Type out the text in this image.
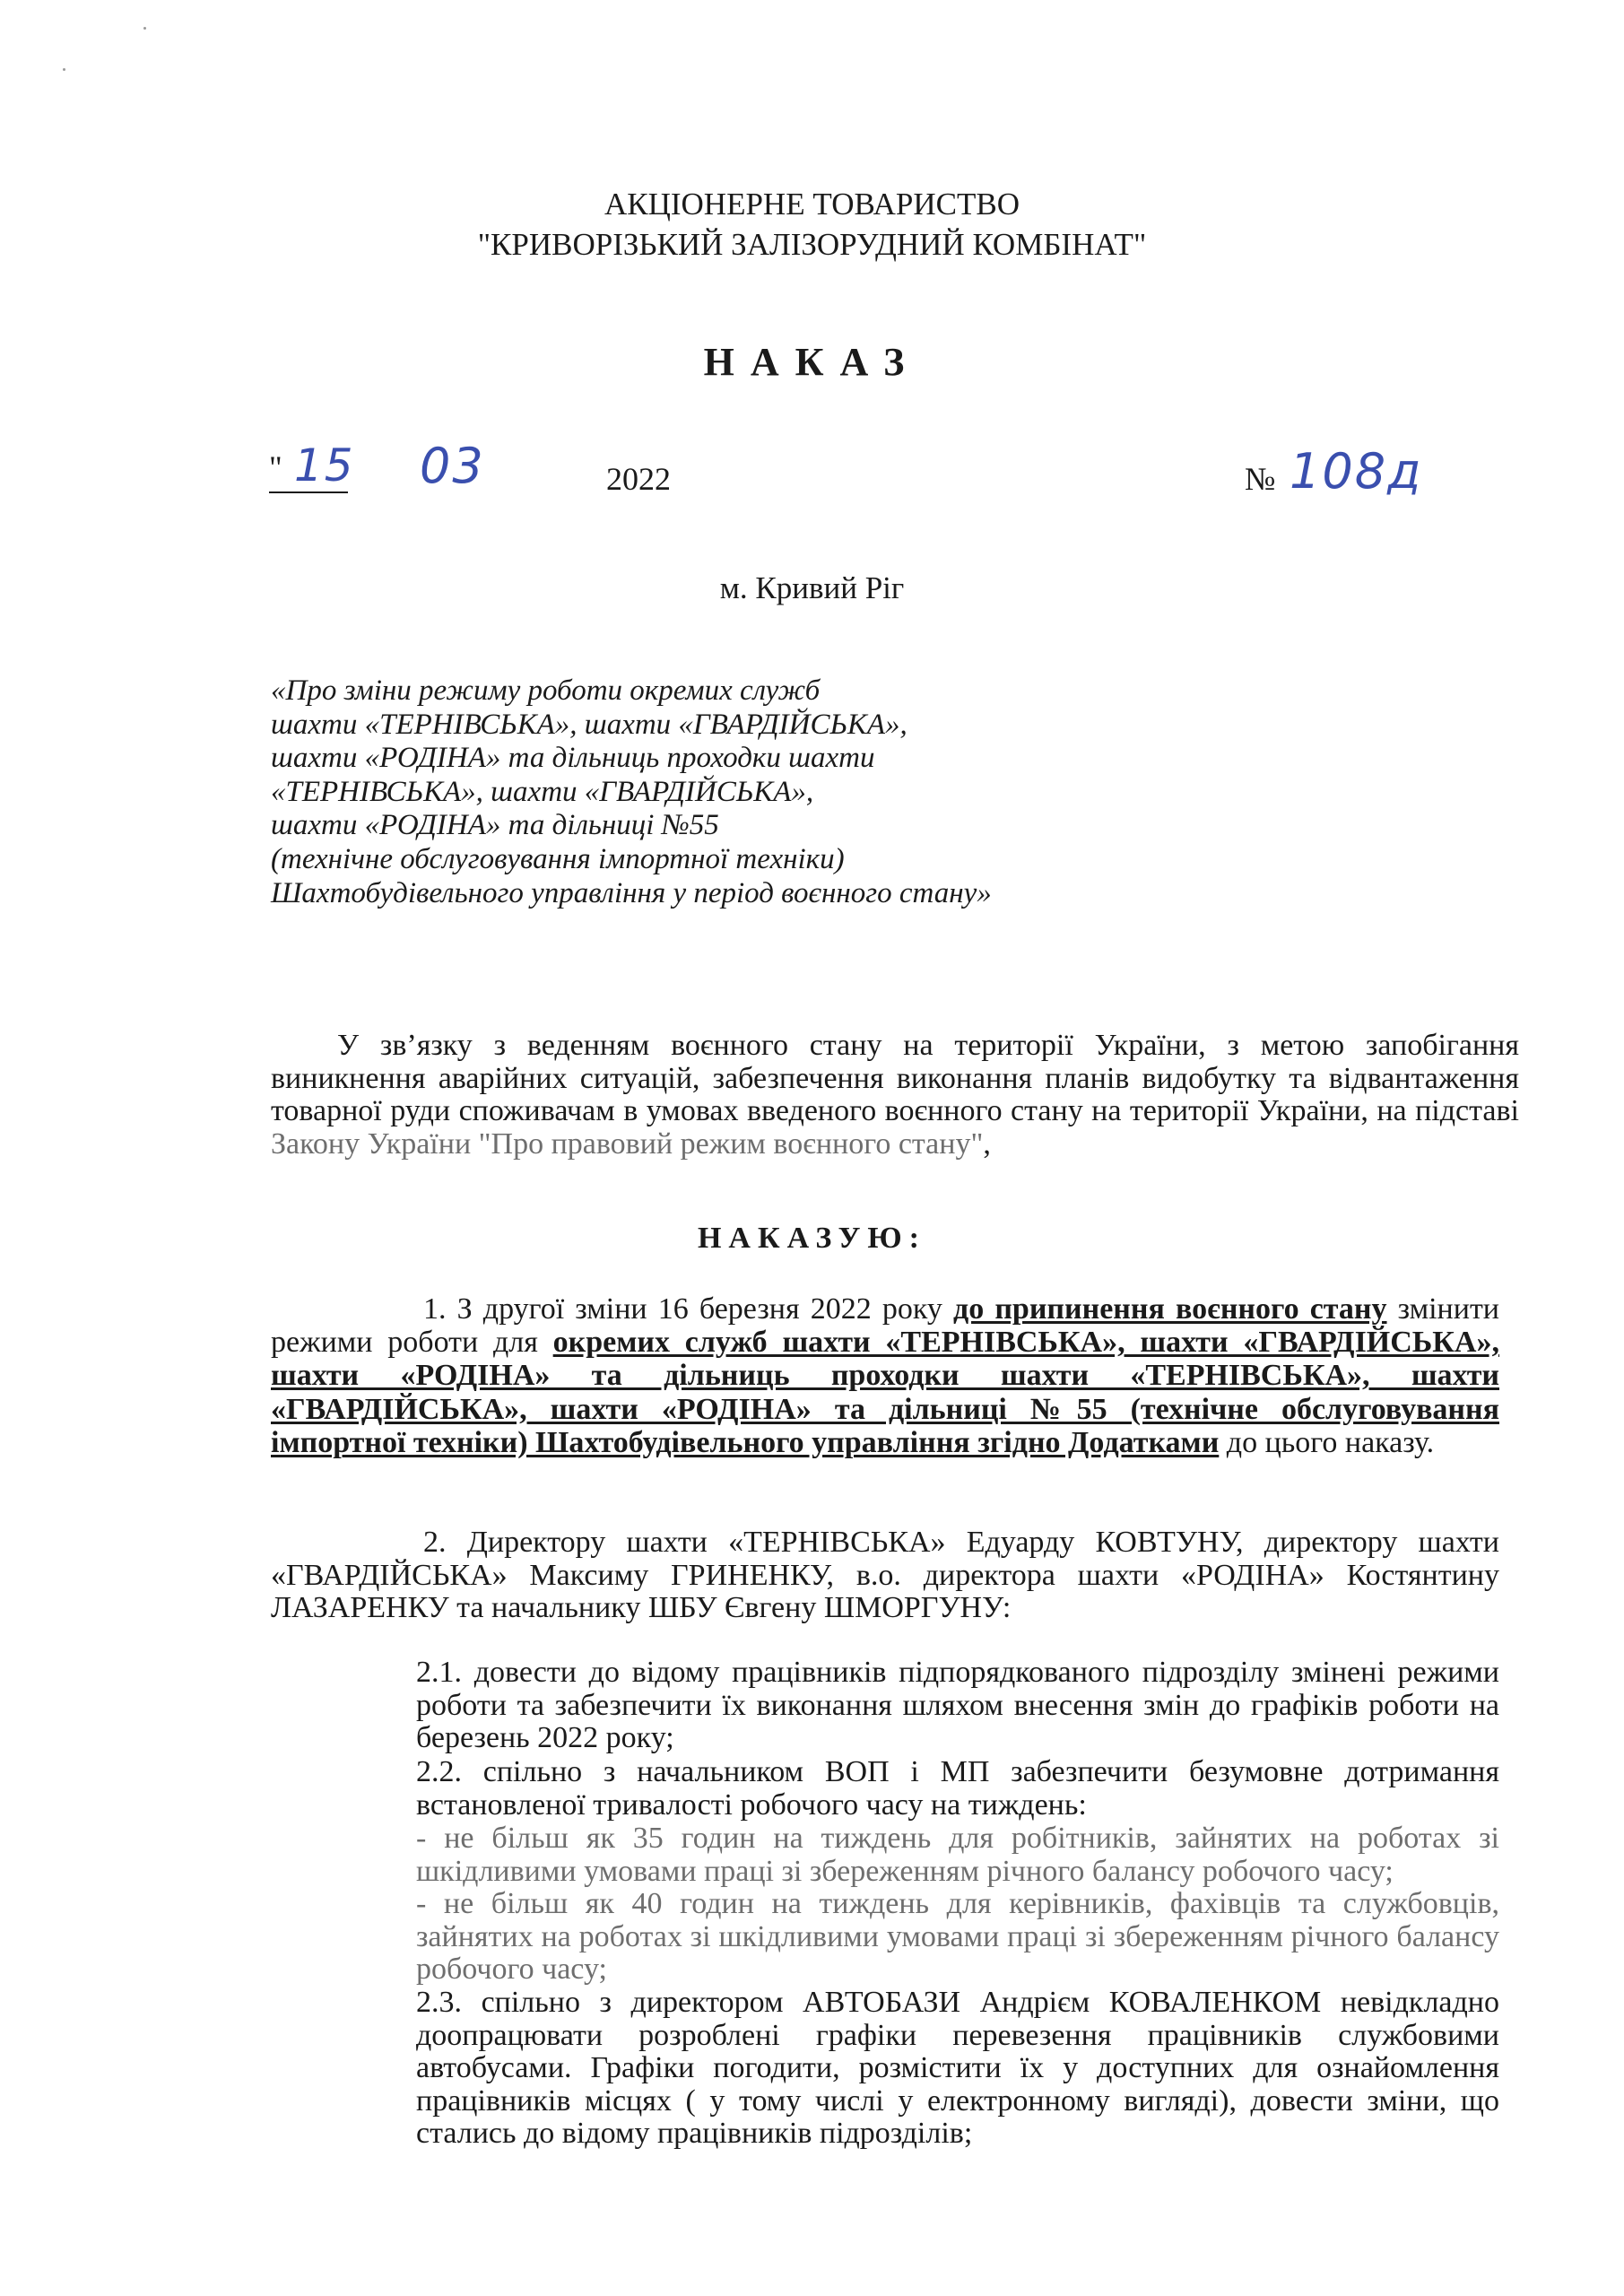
АКЦІОНЕРНЕ ТОВАРИСТВО
"КРИВОРІЗЬКИЙ ЗАЛІЗОРУДНИЙ КОМБІНАТ"
НАКАЗ
" 15 03	2022	№ 108д
м. Кривий Ріг
«Про зміни режиму роботи окремих служб
шахти «ТЕРНІВСЬКА», шахти «ГВАРДІЙСЬКА»,
шахти «РОДІНА» та дільниць проходки шахти
«ТЕРНІВСЬКА», шахти «ГВАРДІЙСЬКА»,
шахти «РОДІНА» та дільниці №55
(технічне обслуговування імпортної техніки)
Шахтобудівельного управління у період воєнного стану»
У зв’язку з веденням воєнного стану на території України, з метою запобігання виникнення аварійних ситуацій, забезпечення виконання планів видобутку та відвантаження товарної руди споживачам в умовах введеного воєнного стану на території України, на підставі Закону України "Про правовий режим воєнного стану",
НАКАЗУЮ:
1. З другої зміни 16 березня 2022 року до припинення воєнного стану змінити режими роботи для окремих служб шахти «ТЕРНІВСЬКА», шахти «ГВАРДІЙСЬКА», шахти «РОДІНА» та дільниць проходки шахти «ТЕРНІВСЬКА», шахти «ГВАРДІЙСЬКА», шахти «РОДІНА» та дільниці №55 (технічне обслуговування імпортної техніки) Шахтобудівельного управління згідно Додатками до цього наказу.
2. Директору шахти «ТЕРНІВСЬКА» Едуарду КОВТУНУ, директору шахти «ГВАРДІЙСЬКА» Максиму ГРИНЕНКУ, в.о. директора шахти «РОДІНА» Костянтину ЛАЗАРЕНКУ та начальнику ШБУ Євгену ШМОРГУНУ:
2.1. довести до відому працівників підпорядкованого підрозділу змінені режими роботи та забезпечити їх виконання шляхом внесення змін до графіків роботи на березень 2022 року;
2.2. спільно з начальником ВОП і МП забезпечити безумовне дотримання встановленої тривалості робочого часу на тиждень:
- не більш як 35 годин на тиждень для робітників, зайнятих на роботах зі шкідливими умовами праці зі збереженням річного балансу робочого часу;
- не більш як 40 годин на тиждень для керівників, фахівців та службовців, зайнятих на роботах зі шкідливими умовами праці зі збереженням річного балансу робочого часу;
2.3. спільно з директором АВТОБАЗИ Андрієм КОВАЛЕНКОМ невідкладно доопрацювати розроблені графіки перевезення працівників службовими автобусами. Графіки погодити, розмістити їх у доступних для ознайомлення працівників місцях ( у тому числі у електронному вигляді), довести зміни, що стались до відому працівників підрозділів;
